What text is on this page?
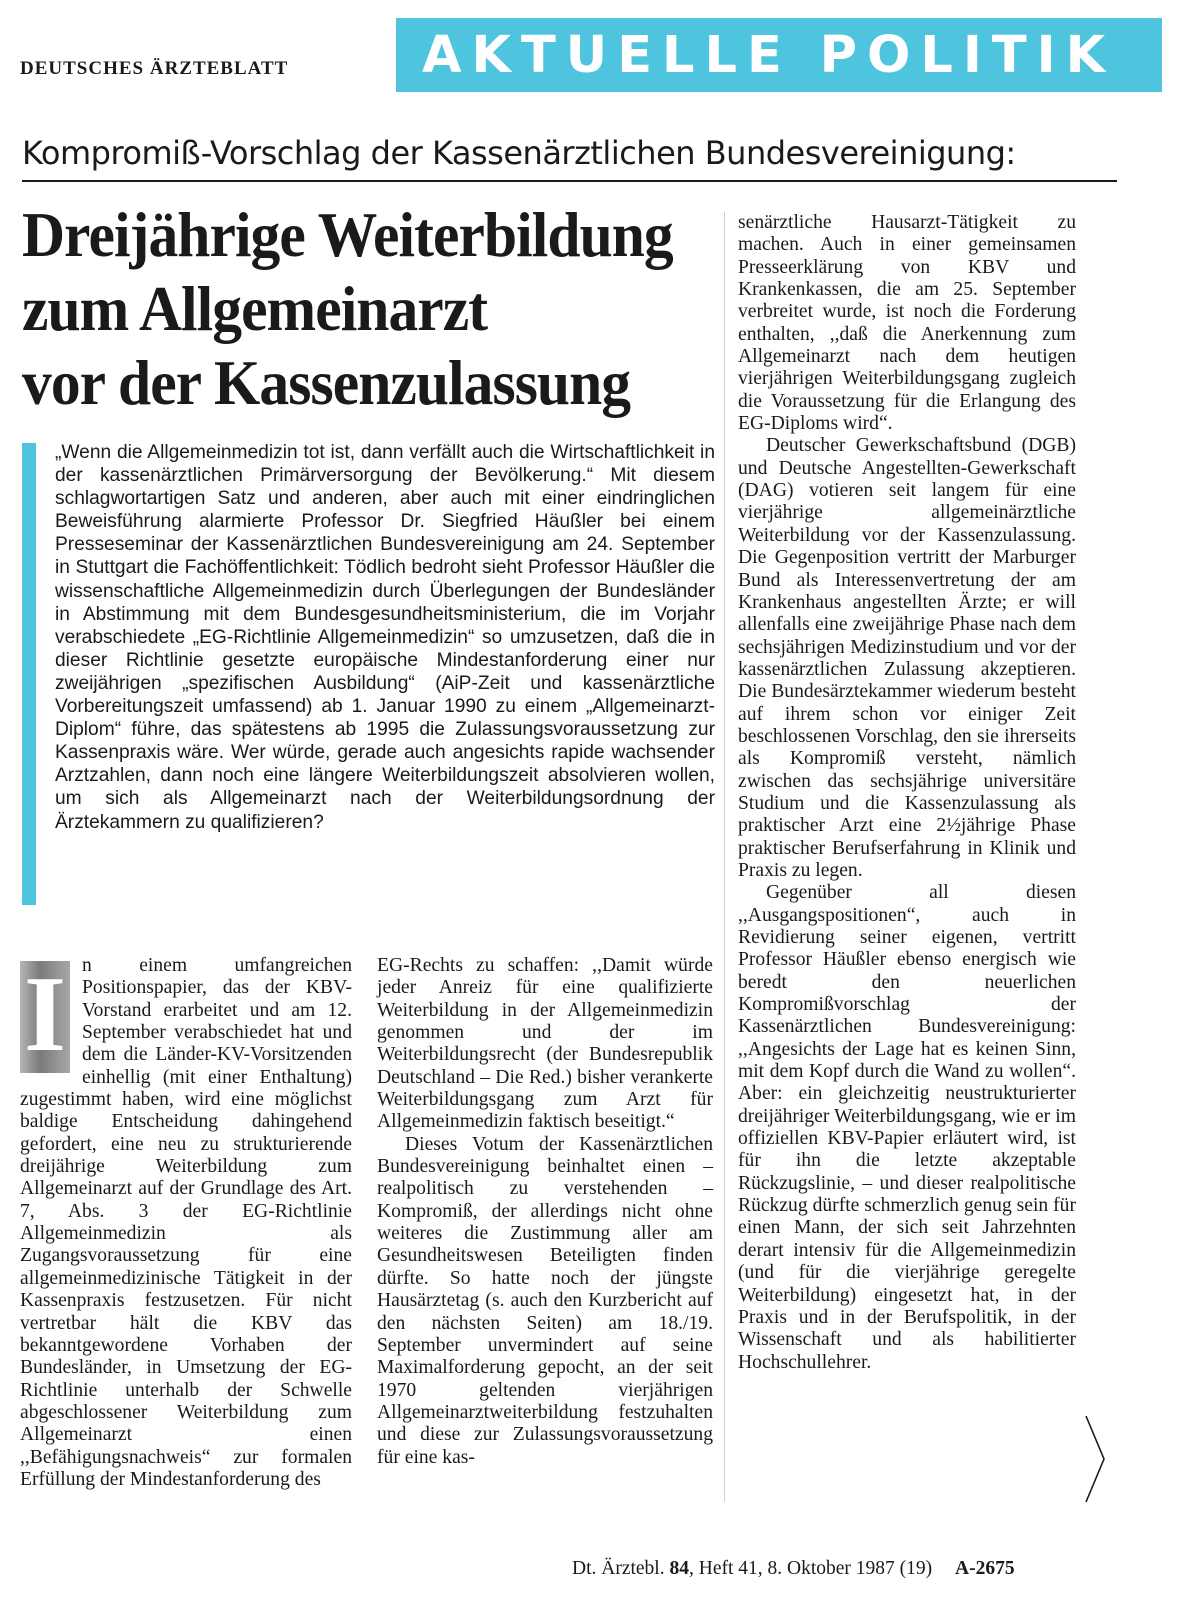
DEUTSCHES ÄRZTEBLATT	AKTUELLE POLITIK
Kompromiß-Vorschlag der Kassenärztlichen Bundesvereinigung:
Dreijährige Weiterbildung
zum Allgemeinarzt
vor der Kassenzulassung
„Wenn die Allgemeinmedizin tot ist, dann verfällt auch die Wirtschaftlichkeit in der kassenärztlichen Primärversorgung der Bevölkerung.“ Mit diesem schlagwortartigen Satz und anderen, aber auch mit einer eindringlichen Beweisführung alarmierte Professor Dr. Siegfried Häußler bei einem Presseseminar der Kassenärztlichen Bundesvereinigung am 24. September in Stuttgart die Fachöffentlichkeit: Tödlich bedroht sieht Professor Häußler die wissenschaftliche Allgemeinmedizin durch Überlegungen der Bundesländer in Abstimmung mit dem Bundesgesundheitsministerium, die im Vorjahr verabschiedete „EG-Richtlinie Allgemeinmedizin“ so umzusetzen, daß die in dieser Richtlinie gesetzte europäische Mindestanforderung einer nur zweijährigen „spezifischen Ausbildung“ (AiP-Zeit und kassenärztliche Vorbereitungszeit umfassend) ab 1. Januar 1990 zu einem „Allgemeinarzt-Diplom“ führe, das spätestens ab 1995 die Zulassungsvoraussetzung zur Kassenpraxis wäre. Wer würde, gerade auch angesichts rapide wachsender Arztzahlen, dann noch eine längere Weiterbildungszeit absolvieren wollen, um sich als Allgemeinarzt nach der Weiterbildungsordnung der Ärztekammern zu qualifizieren?

I n einem umfangreichen Positionspapier, das der KBV-Vorstand erarbeitet und am 12. September verabschiedet hat und dem die Länder-KV-Vorsitzenden einhellig (mit einer Enthaltung) zugestimmt haben, wird eine möglichst baldige Entscheidung dahingehend gefordert, eine neu zu strukturierende dreijährige Weiterbildung zum Allgemeinarzt auf der Grundlage des Art. 7, Abs. 3 der EG-Richtlinie Allgemeinmedizin als Zugangsvoraussetzung für eine allgemeinmedizinische Tätigkeit in der Kassenpraxis festzusetzen. Für nicht vertretbar hält die KBV das bekanntgewordene Vorhaben der Bundesländer, in Umsetzung der EG-Richtlinie unterhalb der Schwelle abgeschlossener Weiterbildung zum Allgemeinarzt einen ,,Befähigungsnachweis“ zur formalen Erfüllung der Mindestanforderung des

EG-Rechts zu schaffen: ,,Damit würde jeder Anreiz für eine qualifizierte Weiterbildung in der Allgemeinmedizin genommen und der im Weiterbildungsrecht (der Bundesrepublik Deutschland – Die Red.) bisher verankerte Weiterbildungsgang zum Arzt für Allgemeinmedizin faktisch beseitigt.“

Dieses Votum der Kassenärztlichen Bundesvereinigung beinhaltet einen – realpolitisch zu verstehenden – Kompromiß, der allerdings nicht ohne weiteres die Zustimmung aller am Gesundheitswesen Beteiligten finden dürfte. So hatte noch der jüngste Hausärztetag (s. auch den Kurzbericht auf den nächsten Seiten) am 18./19. September unvermindert auf seine Maximalforderung gepocht, an der seit 1970 geltenden vierjährigen Allgemeinarztweiterbildung festzuhalten und diese zur Zulassungsvoraussetzung für eine kas-

senärztliche Hausarzt-Tätigkeit zu machen. Auch in einer gemeinsamen Presseerklärung von KBV und Krankenkassen, die am 25. September verbreitet wurde, ist noch die Forderung enthalten, ,,daß die Anerkennung zum Allgemeinarzt nach dem heutigen vierjährigen Weiterbildungsgang zugleich die Voraussetzung für die Erlangung des EG-Diploms wird“.

Deutscher Gewerkschaftsbund (DGB) und Deutsche Angestellten-Gewerkschaft (DAG) votieren seit langem für eine vierjährige allgemeinärztliche Weiterbildung vor der Kassenzulassung. Die Gegenposition vertritt der Marburger Bund als Interessenvertretung der am Krankenhaus angestellten Ärzte; er will allenfalls eine zweijährige Phase nach dem sechsjährigen Medizinstudium und vor der kassenärztlichen Zulassung akzeptieren. Die Bundesärztekammer wiederum besteht auf ihrem schon vor einiger Zeit beschlossenen Vorschlag, den sie ihrerseits als Kompromiß versteht, nämlich zwischen das sechsjährige universitäre Studium und die Kassenzulassung als praktischer Arzt eine 2½jährige Phase praktischer Berufserfahrung in Klinik und Praxis zu legen.

Gegenüber all diesen ,,Ausgangspositionen“, auch in Revidierung seiner eigenen, vertritt Professor Häußler ebenso energisch wie beredt den neuerlichen Kompromißvorschlag der Kassenärztlichen Bundesvereinigung: ,,Angesichts der Lage hat es keinen Sinn, mit dem Kopf durch die Wand zu wollen“. Aber: ein gleichzeitig neustrukturierter dreijähriger Weiterbildungsgang, wie er im offiziellen KBV-Papier erläutert wird, ist für ihn die letzte akzeptable Rückzugslinie, – und dieser realpolitische Rückzug dürfte schmerzlich genug sein für einen Mann, der sich seit Jahrzehnten derart intensiv für die Allgemeinmedizin (und für die vierjährige geregelte Weiterbildung) eingesetzt hat, in der Praxis und in der Berufspolitik, in der Wissenschaft und als habilitierter Hochschullehrer.

Dt. Ärztebl. 84, Heft 41, 8. Oktober 1987 (19) A-2675
